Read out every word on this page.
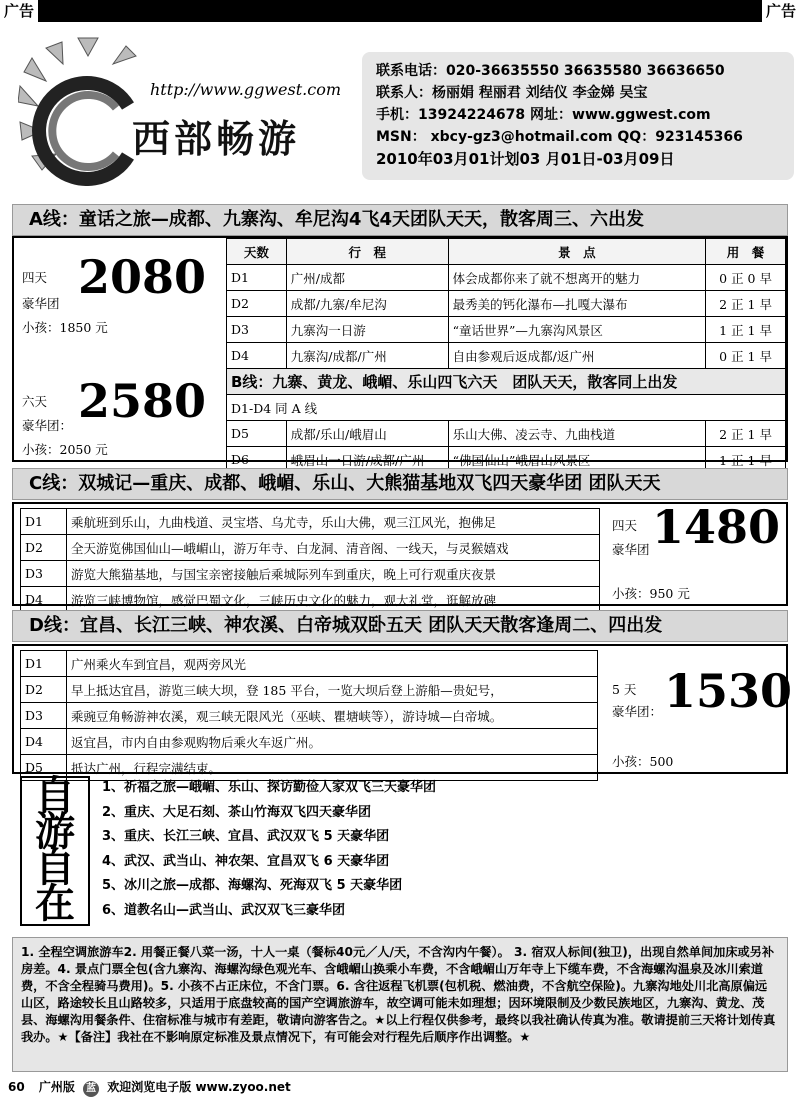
广告	广告
http://www.ggwest.com
西部畅游
联系电话：020-36635550 36635580 36636650
联系人：杨丽娟 程丽君 刘结仪 李金娣 吴宝
手机：13924224678 网址：www.ggwest.com
MSN： xbcy-gz3@hotmail.com QQ：923145366
2010年03月01计划03 月01日-03月09日
A线：童话之旅—成都、九寨沟、牟尼沟4飞4天团队天天，散客周三、六出发
四天
豪华团 2080
小孩：1850 元
天数	行　程	景　点	用　餐
D1	广州/成都	体会成都你来了就不想离开的魅力	0 正 0 早
D2	成都/九寨/牟尼沟	最秀美的钙化瀑布—扎嘎大瀑布	2 正 1 早
D3	九寨沟一日游	“童话世界”—九寨沟风景区	1 正 1 早
D4	九寨沟/成都/广州	自由参观后返成都/返广州	0 正 1 早
B线：九寨、黄龙、峨嵋、乐山四飞六天　团队天天，散客同上出发			
D1-D4 同 A 线			
D5	成都/乐山/峨眉山	乐山大佛、凌云寺、九曲栈道	2 正 1 早
D6	峨眉山一日游/成都/广州	“佛国仙山”峨眉山风景区	1 正 1 早
六天
豪华团： 2580
小孩：2050 元
C线：双城记—重庆、成都、峨嵋、乐山、大熊猫基地双飞四天豪华团 团队天天
D1	乘航班到乐山，九曲栈道、灵宝塔、乌尤寺，乐山大佛，观三江风光，抱佛足
D2	全天游览佛国仙山—峨嵋山，游万年寺、白龙洞、清音阁、一线天，与灵猴嬉戏
D3	游览大熊猫基地，与国宝亲密接触后乘城际列车到重庆，晚上可行观重庆夜景
D4	游览三峡博物馆，感觉巴蜀文化，三峡历史文化的魅力，观大礼堂，逛解放碑
四天
豪华团 1480
小孩：950 元
D线：宜昌、长江三峡、神农溪、白帝城双卧五天 团队天天散客逢周二、四出发
D1	广州乘火车到宜昌，观两旁风光
D2	早上抵达宜昌，游览三峡大坝，登 185 平台，一览大坝后登上游船—贵妃号，
D3	乘豌豆角畅游神农溪，观三峡无限风光（巫峡、瞿塘峡等），游诗城—白帝城。
D4	返宜昌，市内自由参观购物后乘火车返广州。
D5	抵达广州，行程完满结束。
5 天
豪华团： 1530
小孩：500
自
游
自
在
1、祈福之旅—峨嵋、乐山、探访勤俭人家双飞三天豪华团
2、重庆、大足石刻、茶山竹海双飞四天豪华团
3、重庆、长江三峡、宜昌、武汉双飞 5 天豪华团
4、武汉、武当山、神农架、宜昌双飞 6 天豪华团
5、冰川之旅—成都、海螺沟、死海双飞 5 天豪华团
6、道教名山—武当山、武汉双飞三豪华团
1. 全程空调旅游车2. 用餐正餐八菜一汤，十人一桌（餐标40元／人/天，不含沟内午餐）。 3. 宿双人标间(独卫)，出现自然单间加床或另补房差。4. 景点门票全包(含九寨沟、海螺沟绿色观光车、含峨嵋山换乘小车费，不含峨嵋山万年寺上下缆车费，不含海螺沟温泉及冰川索道费，不含全程骑马费用)。5. 小孩不占正床位，不含门票。6. 含往返程飞机票(包机税、燃油费，不含航空保险)。九寨沟地处川北高原偏远山区，路途较长且山路较多，只适用于底盘较高的国产空调旅游车，故空调可能未如理想；因环境限制及少数民族地区，九寨沟、黄龙、茂县、海螺沟用餐条件、住宿标准与城市有差距，敬请向游客告之。★以上行程仅供参考，最终以我社确认传真为准。敬请提前三天将计划传真我办。★【备注】我社在不影响原定标准及景点情况下，有可能会对行程先后顺序作出调整。★
60 广州版 蓝 欢迎浏览电子版 www.zyoo.net
